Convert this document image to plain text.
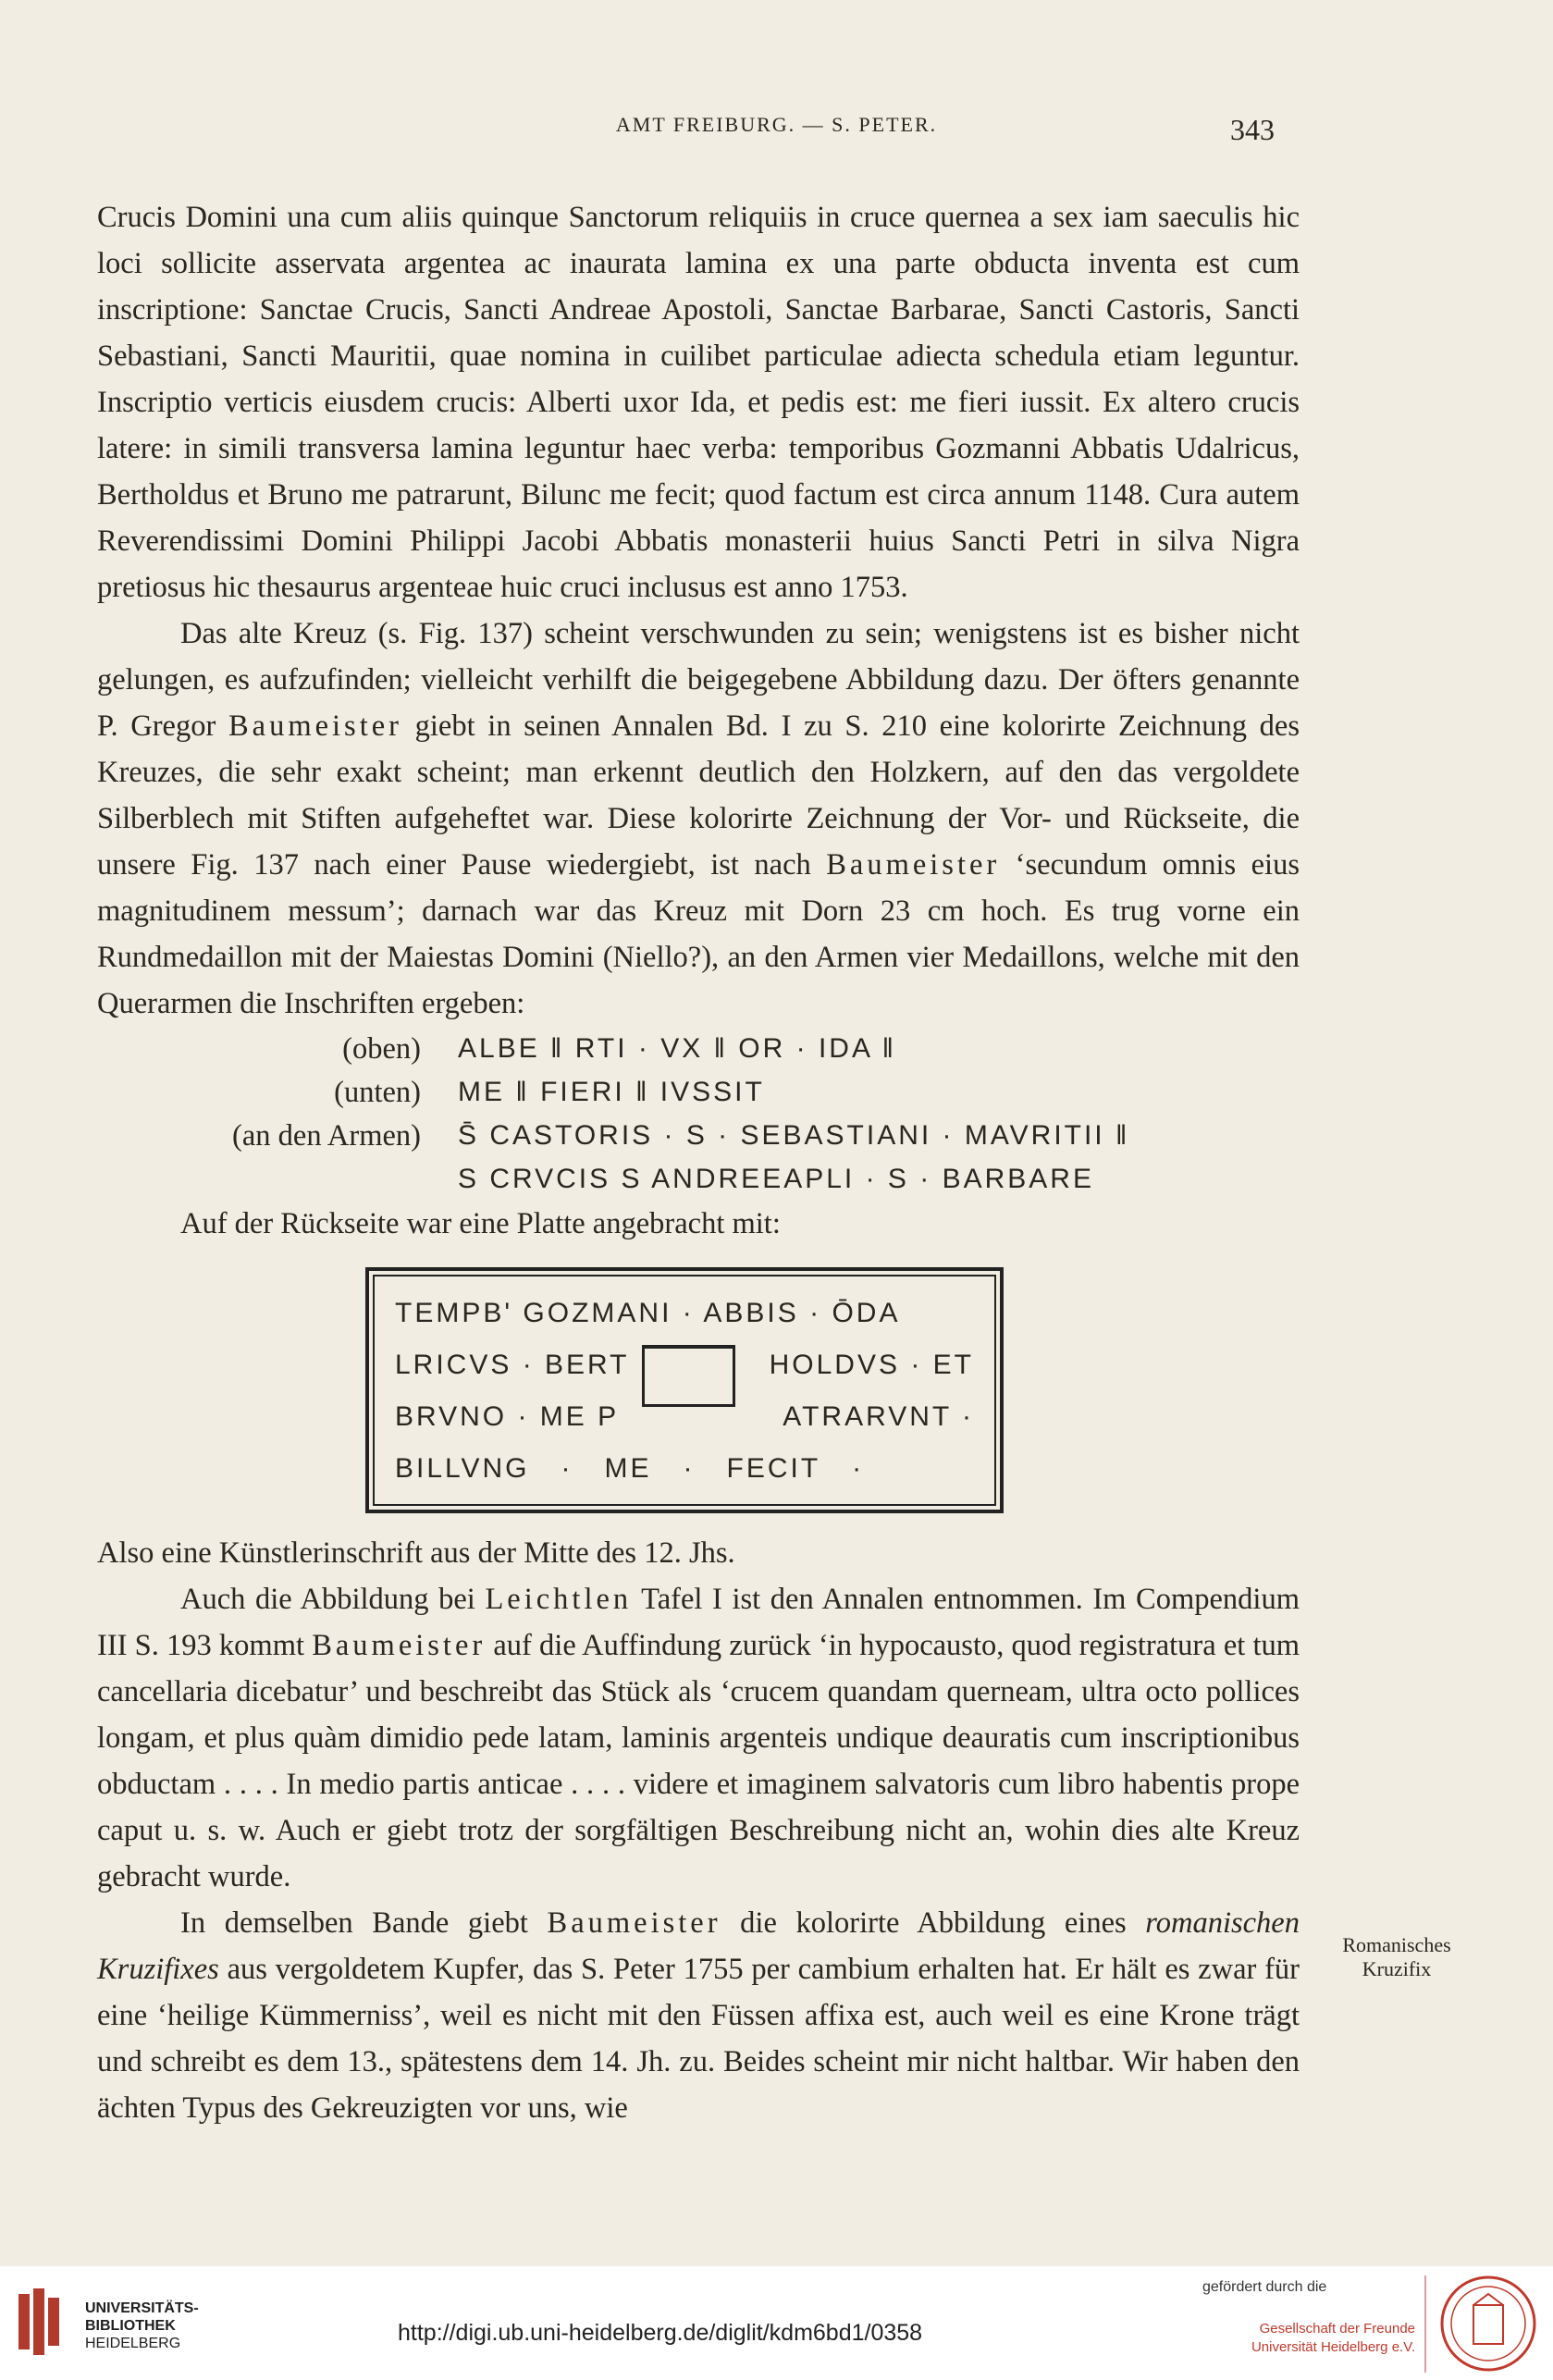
AMT FREIBURG. — S. PETER.	343

Crucis Domini una cum aliis quinque Sanctorum reliquiis in cruce quernea a sex iam saeculis hic loci sollicite asservata argentea ac inaurata lamina ex una parte obducta inventa est cum inscriptione: Sanctae Crucis, Sancti Andreae Apostoli, Sanctae Barbarae, Sancti Castoris, Sancti Sebastiani, Sancti Mauritii, quae nomina in cuilibet particulae adiecta schedula etiam leguntur. Inscriptio verticis eiusdem crucis: Alberti uxor Ida, et pedis est: me fieri iussit. Ex altero crucis latere: in simili transversa lamina leguntur haec verba: temporibus Gozmanni Abbatis Udalricus, Bertholdus et Bruno me patrarunt, Bilunc me fecit; quod factum est circa annum 1148. Cura autem Reverendissimi Domini Philippi Jacobi Abbatis monasterii huius Sancti Petri in silva Nigra pretiosus hic thesaurus argenteae huic cruci inclusus est anno 1753.

Das alte Kreuz (s. Fig. 137) scheint verschwunden zu sein; wenigstens ist es bisher nicht gelungen, es aufzufinden; vielleicht verhilft die beigegebene Abbildung dazu. Der öfters genannte P. Gregor Baumeister giebt in seinen Annalen Bd. I zu S. 210 eine kolorirte Zeichnung des Kreuzes, die sehr exakt scheint; man erkennt deutlich den Holzkern, auf den das vergoldete Silberblech mit Stiften aufgeheftet war. Diese kolorirte Zeichnung der Vor- und Rückseite, die unsere Fig. 137 nach einer Pause wiedergiebt, ist nach Baumeister ‘secundum omnis eius magnitudinem messum’; darnach war das Kreuz mit Dorn 23 cm hoch. Es trug vorne ein Rundmedaillon mit der Maiestas Domini (Niello?), an den Armen vier Medaillons, welche mit den Querarmen die Inschriften ergeben:

(oben)	ALBE ‖ RTI · VX ‖ OR · IDA ‖
(unten)	ME ‖ FIERI ‖ IVSSIT
(an den Armen)	S̄ CASTORIS · S · SEBASTIANI · MAVRITII ‖
S CRVCIS S ANDREEAPLI · S · BARBARE

Auf der Rückseite war eine Platte angebracht mit:

TEMPB' GOZMANI · ABBIS · ŌDA
LRICVS · BERT	HOLDVS · ET
BRVNO · ME P	ATRARVNT ·
BILLVNG · ME · FECIT ·

Also eine Künstlerinschrift aus der Mitte des 12. Jhs.

Auch die Abbildung bei Leichtlen Tafel I ist den Annalen entnommen. Im Compendium III S. 193 kommt Baumeister auf die Auffindung zurück ‘in hypocausto, quod registratura et tum cancellaria dicebatur’ und beschreibt das Stück als ‘crucem quandam querneam, ultra octo pollices longam, et plus quàm dimidio pede latam, laminis argenteis undique deauratis cum inscriptionibus obductam . . . . In medio partis anticae . . . . videre et imaginem salvatoris cum libro habentis prope caput u. s. w. Auch er giebt trotz der sorgfältigen Beschreibung nicht an, wohin dies alte Kreuz gebracht wurde.

In demselben Bande giebt Baumeister die kolorirte Abbildung eines romanischen Kruzifixes aus vergoldetem Kupfer, das S. Peter 1755 per cambium erhalten hat. Er hält es zwar für eine ‘heilige Kümmerniss’, weil es nicht mit den Füssen affixa est, auch weil es eine Krone trägt und schreibt es dem 13., spätestens dem 14. Jh. zu. Beides scheint mir nicht haltbar. Wir haben den ächten Typus des Gekreuzigten vor uns, wie

Romanisches Kruzifix
UNIVERSITÄTS-
BIBLIOTHEK
HEIDELBERG	http://digi.ub.uni-heidelberg.de/diglit/kdm6bd1/0358
gefördert durch die
Gesellschaft der Freunde
Universität Heidelberg e.V.
